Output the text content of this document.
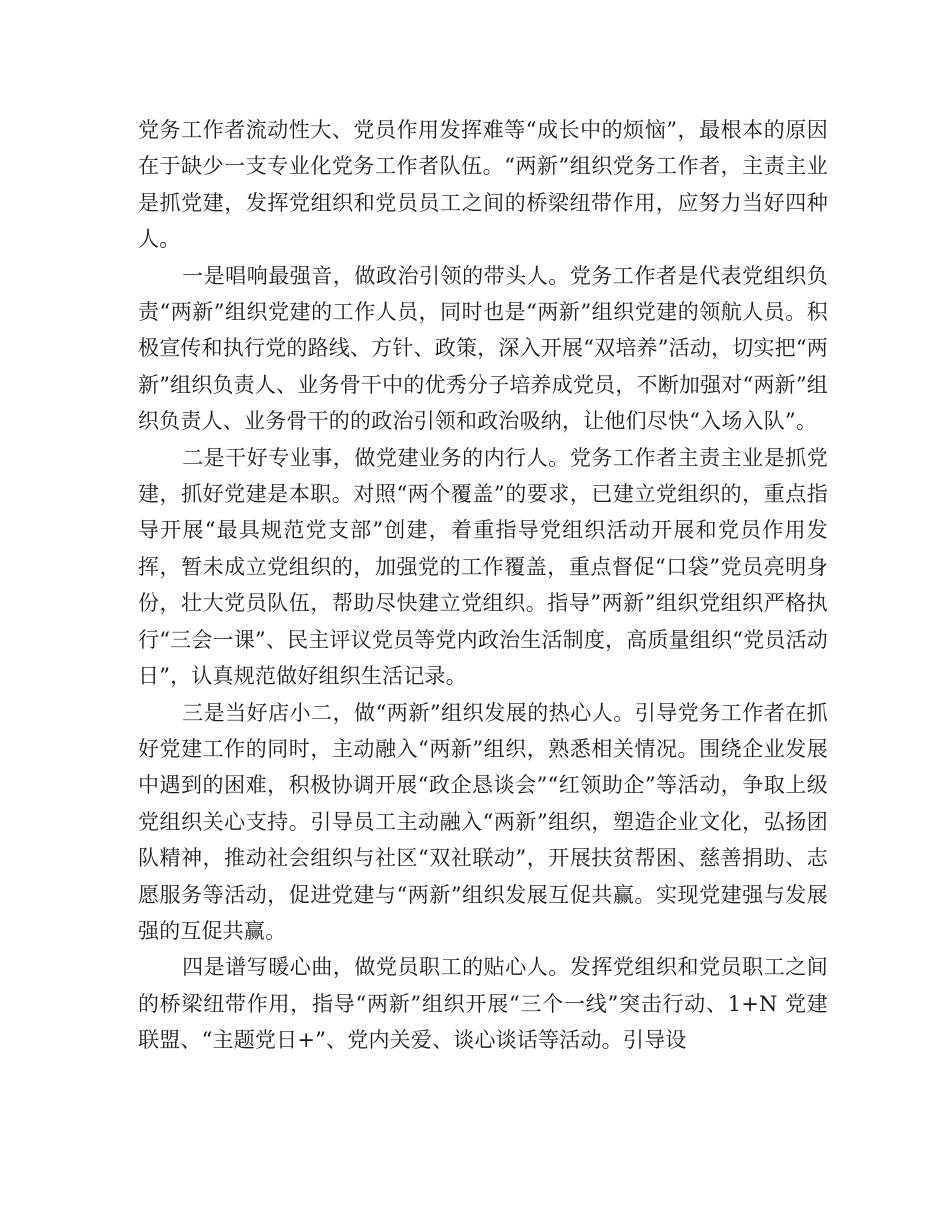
党务工作者流动性大、党员作用发挥难等“成长中的烦恼”，最根本的原因在于缺少一支专业化党务工作者队伍。“两新”组织党务工作者，主责主业是抓党建，发挥党组织和党员员工之间的桥梁纽带作用，应努力当好四种人。

一是唱响最强音，做政治引领的带头人。党务工作者是代表党组织负责“两新”组织党建的工作人员，同时也是“两新”组织党建的领航人员。积极宣传和执行党的路线、方针、政策，深入开展“双培养”活动，切实把“两新”组织负责人、业务骨干中的优秀分子培养成党员，不断加强对“两新”组织负责人、业务骨干的的政治引领和政治吸纳，让他们尽快“入场入队”。

二是干好专业事，做党建业务的内行人。党务工作者主责主业是抓党建，抓好党建是本职。对照“两个覆盖”的要求，已建立党组织的，重点指导开展“最具规范党支部”创建，着重指导党组织活动开展和党员作用发挥，暂未成立党组织的，加强党的工作覆盖，重点督促“口袋”党员亮明身份，壮大党员队伍，帮助尽快建立党组织。指导”两新”组织党组织严格执行“三会一课”、民主评议党员等党内政治生活制度，高质量组织“党员活动日”，认真规范做好组织生活记录。

三是当好店小二，做“两新”组织发展的热心人。引导党务工作者在抓好党建工作的同时，主动融入“两新”组织，熟悉相关情况。围绕企业发展中遇到的困难，积极协调开展“政企恳谈会”“红领助企”等活动，争取上级党组织关心支持。引导员工主动融入“两新”组织，塑造企业文化，弘扬团队精神，推动社会组织与社区“双社联动”，开展扶贫帮困、慈善捐助、志愿服务等活动，促进党建与“两新”组织发展互促共赢。实现党建强与发展强的互促共赢。

四是谱写暖心曲，做党员职工的贴心人。发挥党组织和党员职工之间的桥梁纽带作用，指导“两新”组织开展“三个一线”突击行动、1+N 党建联盟、“主题党日+”、党内关爱、谈心谈话等活动。引导设
